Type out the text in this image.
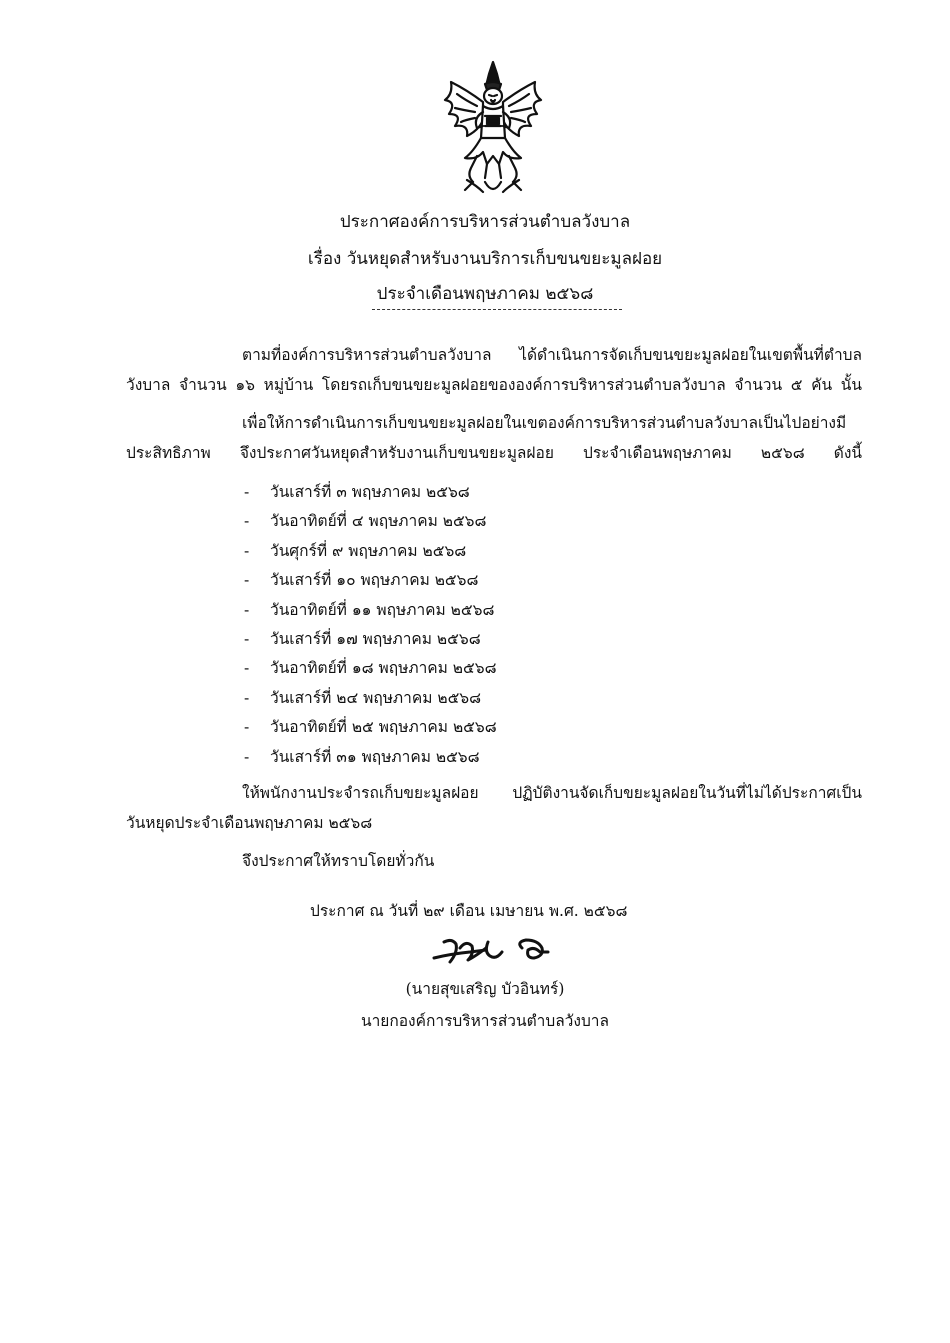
ประกาศองค์การบริหารส่วนตำบลวังบาล
เรื่อง วันหยุดสำหรับงานบริการเก็บขนขยะมูลฝอย
ประจำเดือนพฤษภาคม ๒๕๖๘
ตามที่องค์การบริหารส่วนตำบลวังบาล ได้ดำเนินการจัดเก็บขนขยะมูลฝอยในเขตพื้นที่ตำบล
วังบาล จำนวน ๑๖ หมู่บ้าน โดยรถเก็บขนขยะมูลฝอยขององค์การบริหารส่วนตำบลวังบาล จำนวน ๕ คัน นั้น
เพื่อให้การดำเนินการเก็บขนขยะมูลฝอยในเขตองค์การบริหารส่วนตำบลวังบาลเป็นไปอย่างมี
ประสิทธิภาพ จึงประกาศวันหยุดสำหรับงานเก็บขนขยะมูลฝอย ประจำเดือนพฤษภาคม ๒๕๖๘ ดังนี้
- วันเสาร์ที่ ๓ พฤษภาคม ๒๕๖๘
- วันอาทิตย์ที่ ๔ พฤษภาคม ๒๕๖๘
- วันศุกร์ที่ ๙ พฤษภาคม ๒๕๖๘
- วันเสาร์ที่ ๑๐ พฤษภาคม ๒๕๖๘
- วันอาทิตย์ที่ ๑๑ พฤษภาคม ๒๕๖๘
- วันเสาร์ที่ ๑๗ พฤษภาคม ๒๕๖๘
- วันอาทิตย์ที่ ๑๘ พฤษภาคม ๒๕๖๘
- วันเสาร์ที่ ๒๔ พฤษภาคม ๒๕๖๘
- วันอาทิตย์ที่ ๒๕ พฤษภาคม ๒๕๖๘
- วันเสาร์ที่ ๓๑ พฤษภาคม ๒๕๖๘
ให้พนักงานประจำรถเก็บขยะมูลฝอย ปฏิบัติงานจัดเก็บขยะมูลฝอยในวันที่ไม่ได้ประกาศเป็น
วันหยุดประจำเดือนพฤษภาคม ๒๕๖๘
จึงประกาศให้ทราบโดยทั่วกัน
ประกาศ ณ วันที่ ๒๙ เดือน เมษายน พ.ศ. ๒๕๖๘
(นายสุขเสริญ บัวอินทร์)
นายกองค์การบริหารส่วนตำบลวังบาล
